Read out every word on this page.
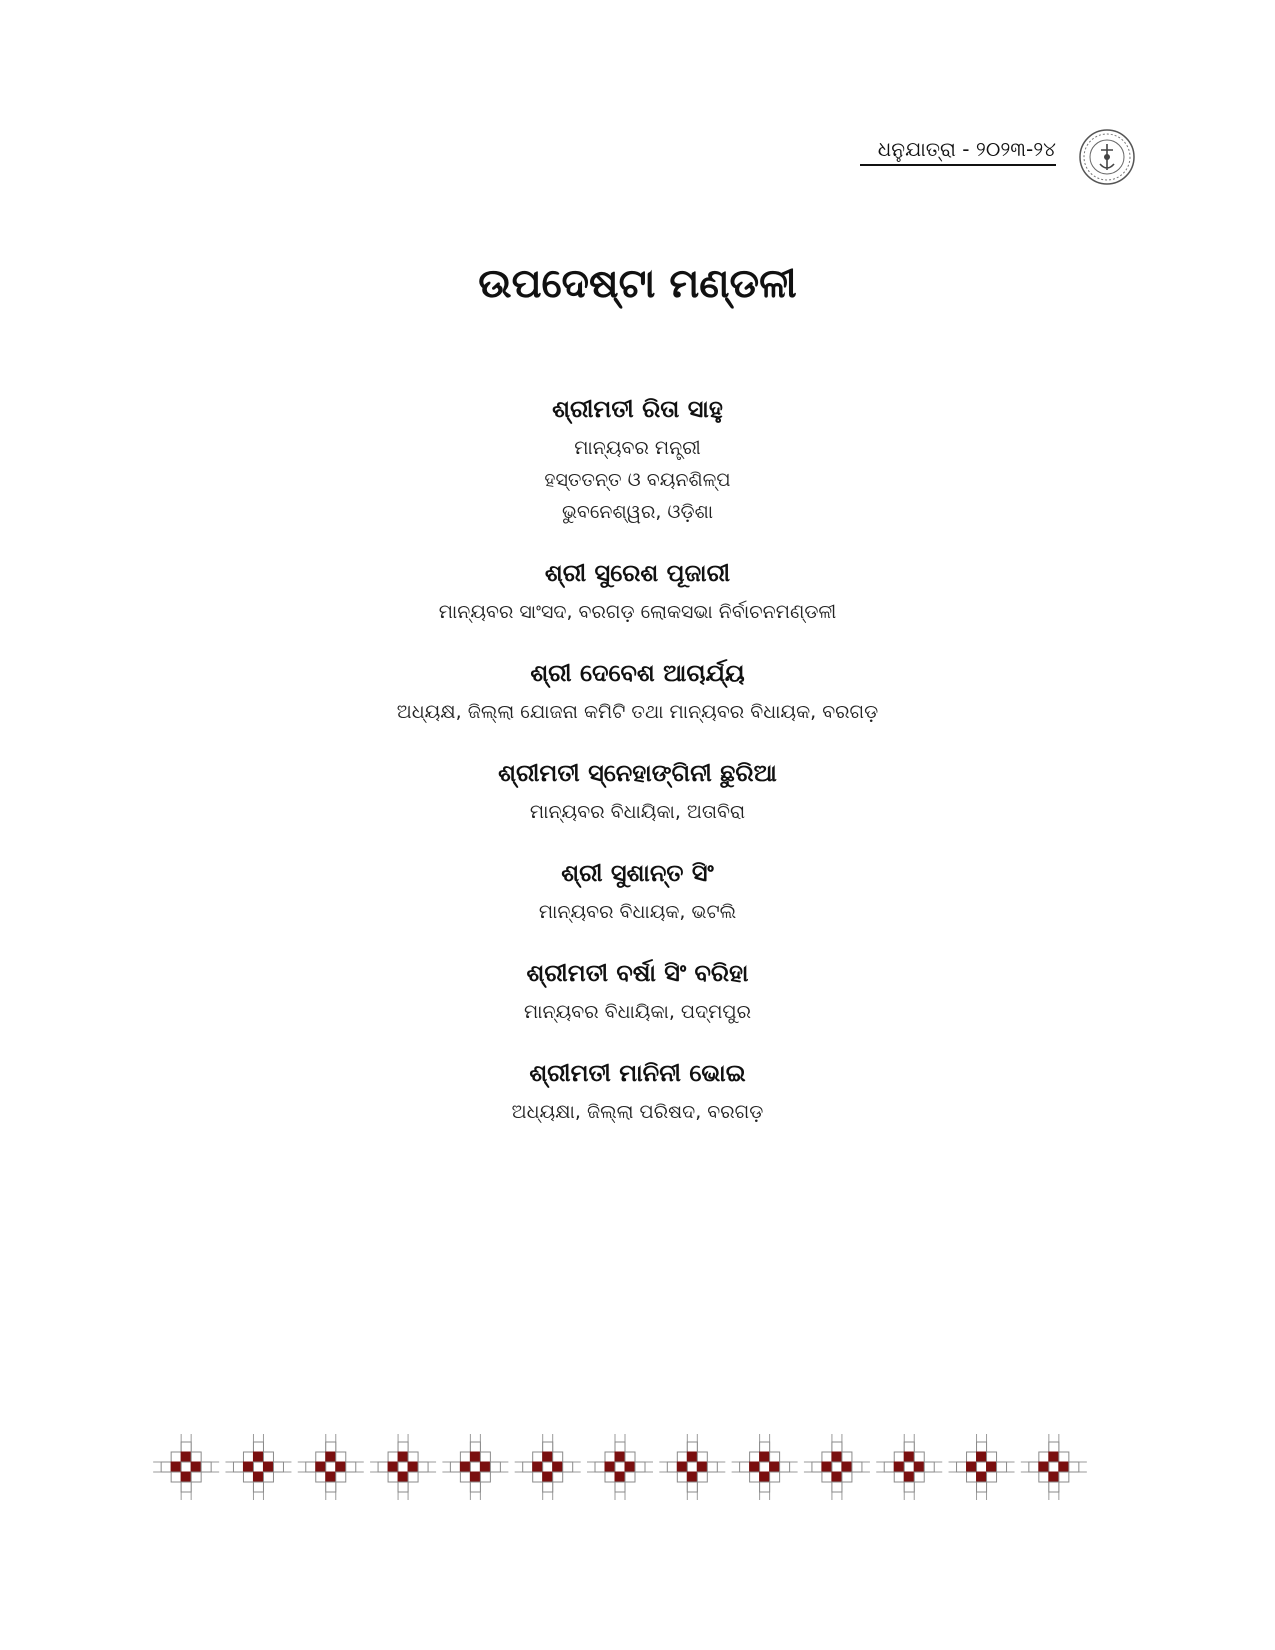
ଧନୁଯାତ୍ରା - ୨୦୨୩-୨୪
ଉପଦେଷ୍ଟା ମଣ୍ଡଳୀ
ଶ୍ରୀମତୀ ରିତା ସାହୁ
ମାନ୍ୟବର ମନ୍ତ୍ରୀ
ହସ୍ତତନ୍ତ ଓ ବୟନଶିଳ୍ପ
ଭୁବନେଶ୍ୱର, ଓଡ଼ିଶା
ଶ୍ରୀ ସୁରେଶ ପୂଜାରୀ
ମାନ୍ୟବର ସାଂସଦ, ବରଗଡ଼ ଲୋକସଭା ନିର୍ବାଚନମଣ୍ଡଳୀ
ଶ୍ରୀ ଦେବେଶ ଆଚାର୍ଯ୍ୟ
ଅଧ୍ୟକ୍ଷ, ଜିଲ୍ଲା ଯୋଜନା କମିଟି ତଥା ମାନ୍ୟବର ବିଧାୟକ, ବରଗଡ଼
ଶ୍ରୀମତୀ ସ୍ନେହାଙ୍ଗିନୀ ଛୁରିଆ
ମାନ୍ୟବର ବିଧାୟିକା, ଅତାବିରା
ଶ୍ରୀ ସୁଶାନ୍ତ ସିଂ
ମାନ୍ୟବର ବିଧାୟକ, ଭଟଲି
ଶ୍ରୀମତୀ ବର୍ଷା ସିଂ ବରିହା
ମାନ୍ୟବର ବିଧାୟିକା, ପଦ୍ମପୁର
ଶ୍ରୀମତୀ ମାନିନୀ ଭୋଇ
ଅଧ୍ୟକ୍ଷା, ଜିଲ୍ଲା ପରିଷଦ, ବରଗଡ଼
